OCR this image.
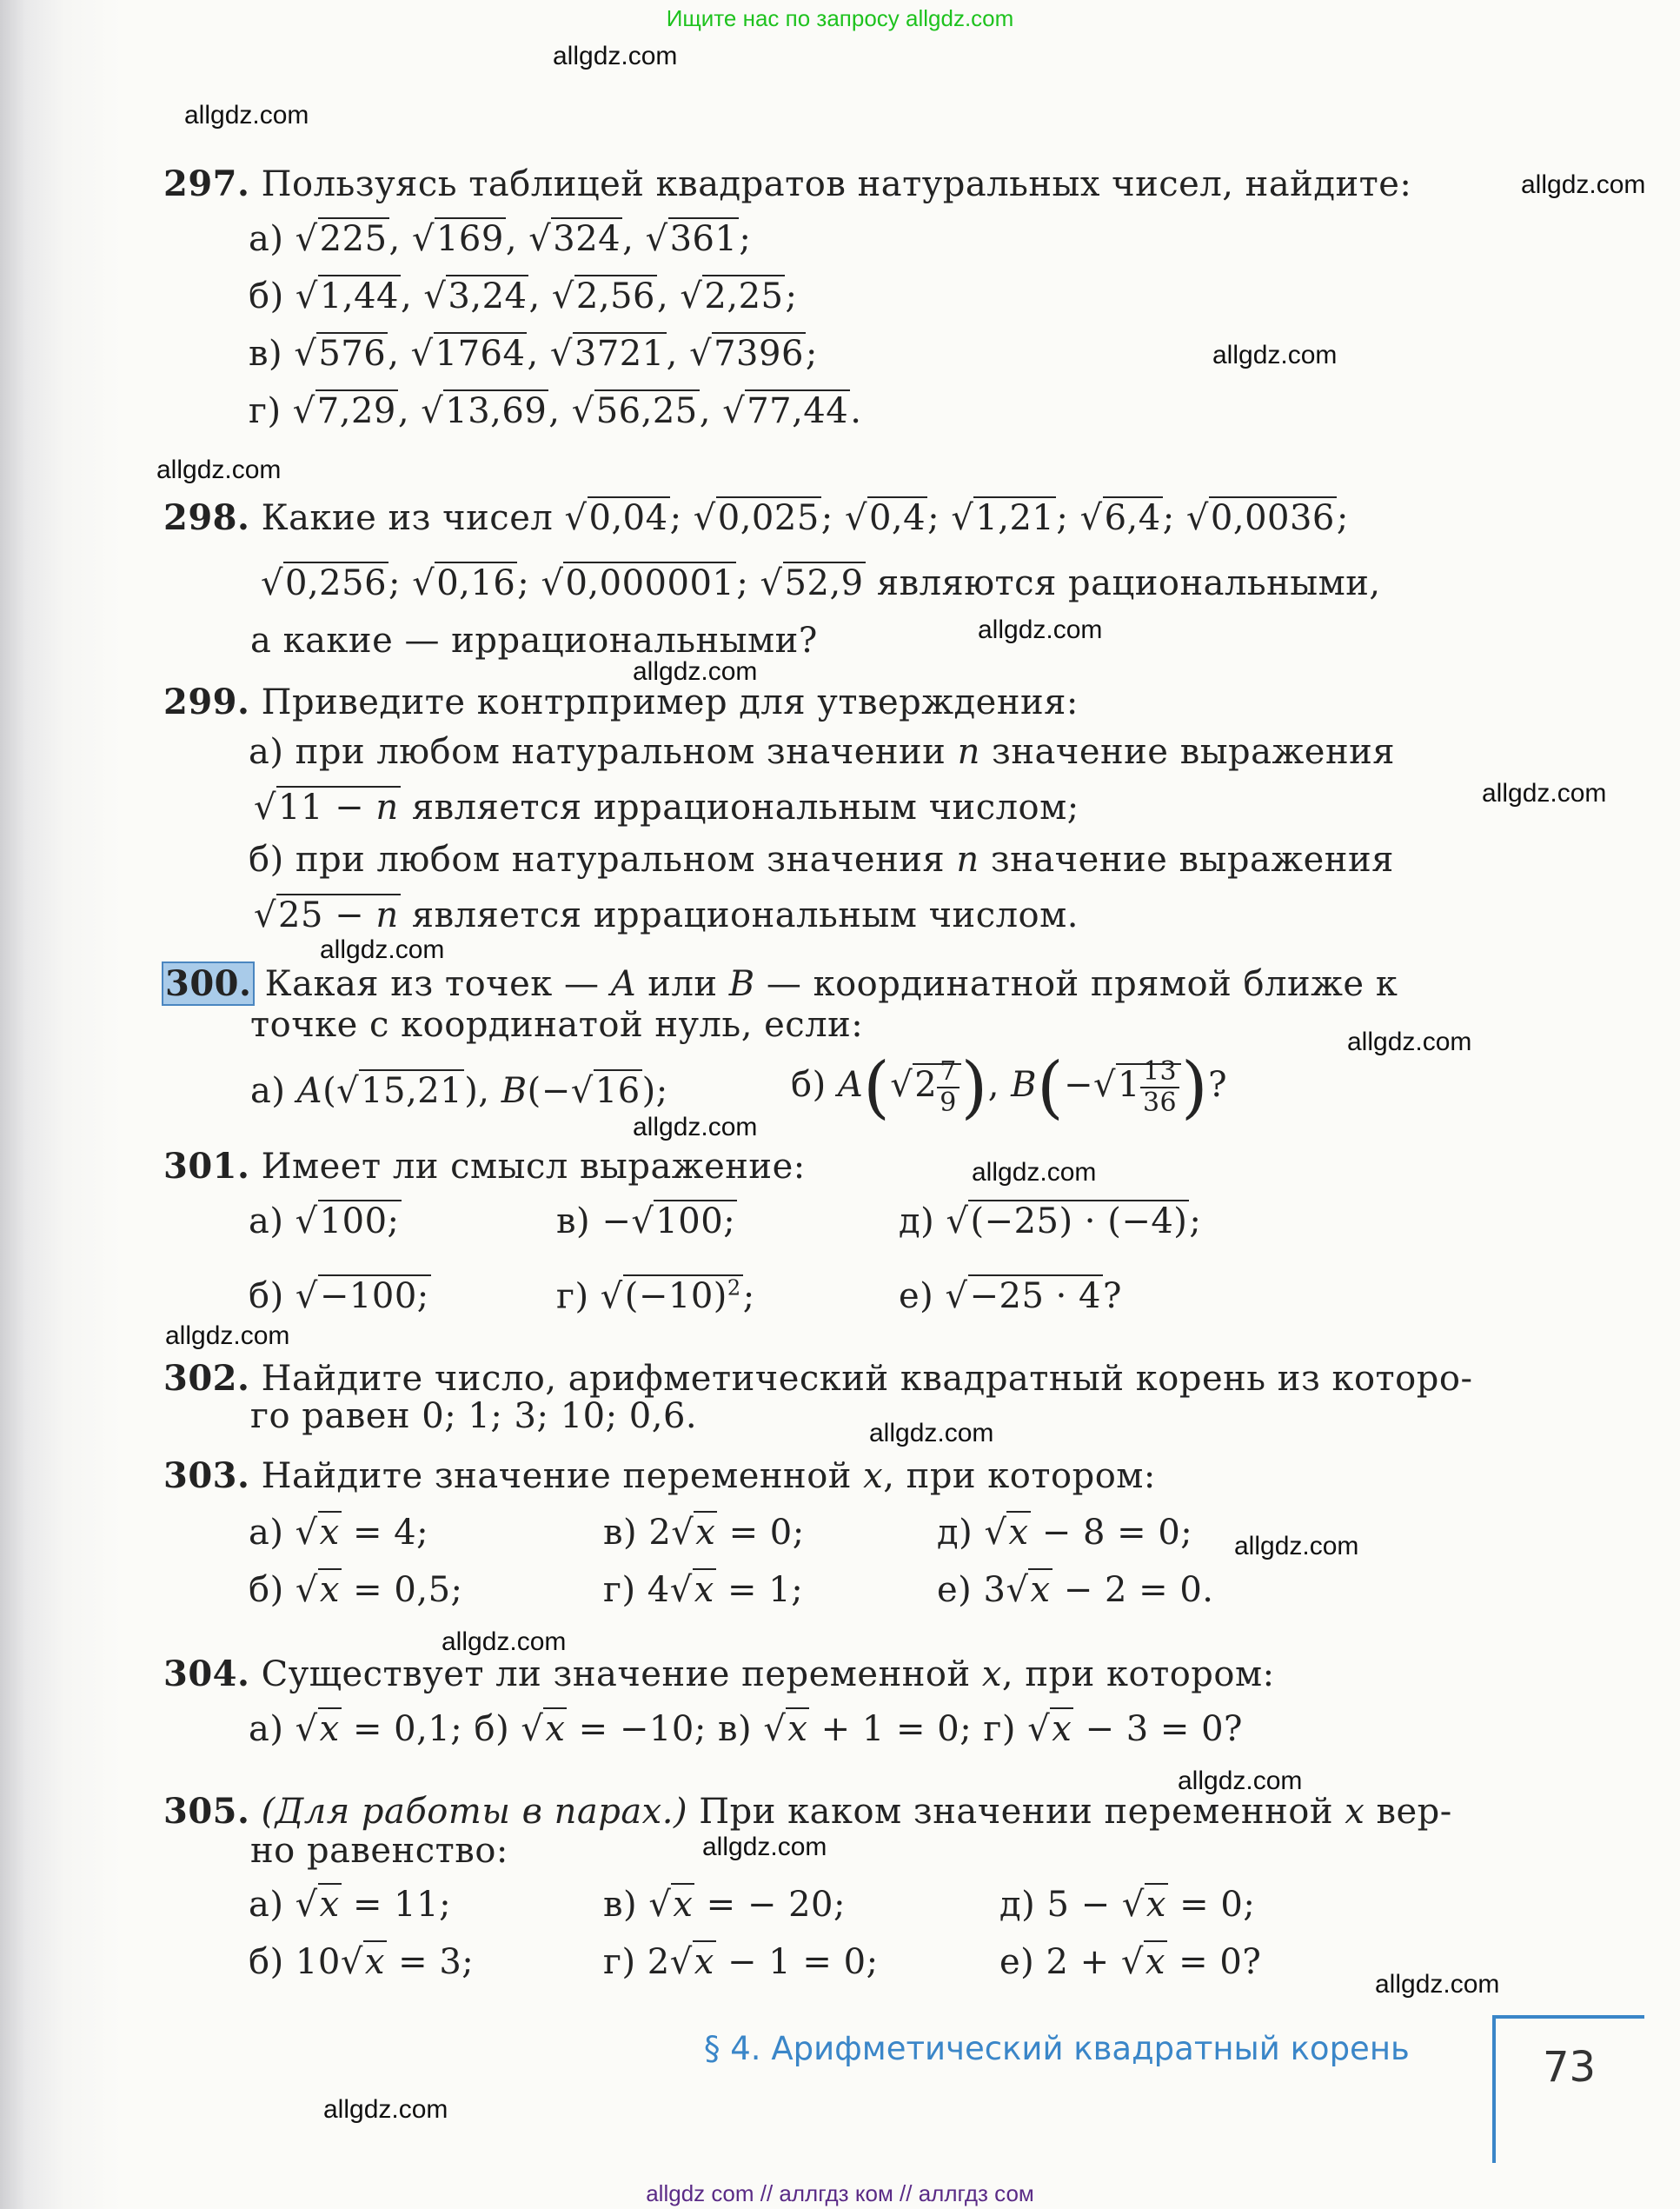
Ищите нас по запросу allgdz.com
allgdz.com
allgdz.com
allgdz.com
allgdz.com
allgdz.com
allgdz.com
allgdz.com
allgdz.com
allgdz.com
allgdz.com
allgdz.com
allgdz.com
allgdz.com
allgdz.com
allgdz.com
allgdz.com
allgdz.com
allgdz.com
allgdz.com
allgdz.com
297. Пользуясь таблицей квадратов натуральных чисел, найдите:
а) √225, √169, √324, √361;
б) √1,44, √3,24, √2,56, √2,25;
в) √576, √1764, √3721, √7396;
г) √7,29, √13,69, √56,25, √77,44.
298. Какие из чисел √0,04; √0,025; √0,4; √1,21; √6,4; √0,0036;
√0,256; √0,16; √0,000001; √52,9 являются рациональными,
а какие — иррациональными?
299. Приведите контрпример для утверждения:
а) при любом натуральном значении n значение выражения
√11 − n является иррациональным числом;
б) при любом натуральном значения n значение выражения
√25 − n является иррациональным числом.
300. Какая из точек — A или B — координатной прямой ближе к
точке с координатой нуль, если:
а) A(√15,21), B(−√16);	б) $A(√2 \frac{7}{9}$ ), $B(-√1 \frac{13}{36}$ )?
301. Имеет ли смысл выражение:
а) √100;	в) −√100;	д) √(−25) · (−4);
б) √−100;	г) $√(-10)^2$;	е) √−25 · 4?
302. Найдите число, арифметический квадратный корень из которо-
го равен 0; 1; 3; 10; 0,6.
303. Найдите значение переменной x, при котором:
а) √x = 4;	в) 2√x = 0;	д) √x − 8 = 0;
б) √x = 0,5;	г) 4√x = 1;	е) 3√x − 2 = 0.
304. Существует ли значение переменной x, при котором:
а) √x = 0,1; б) √x = −10; в) √x + 1 = 0; г) √x − 3 = 0?
305. (Для работы в парах.) При каком значении переменной x вер-
но равенство:
а) √x = 11;	в) √x = − 20;	д) 5 − √x = 0;
б) 10√x = 3;	г) 2√x − 1 = 0;	е) 2 + √x = 0?
§ 4. Арифметический квадратный корень	73
allgdz com // аллгдз ком // аллгдз сом
